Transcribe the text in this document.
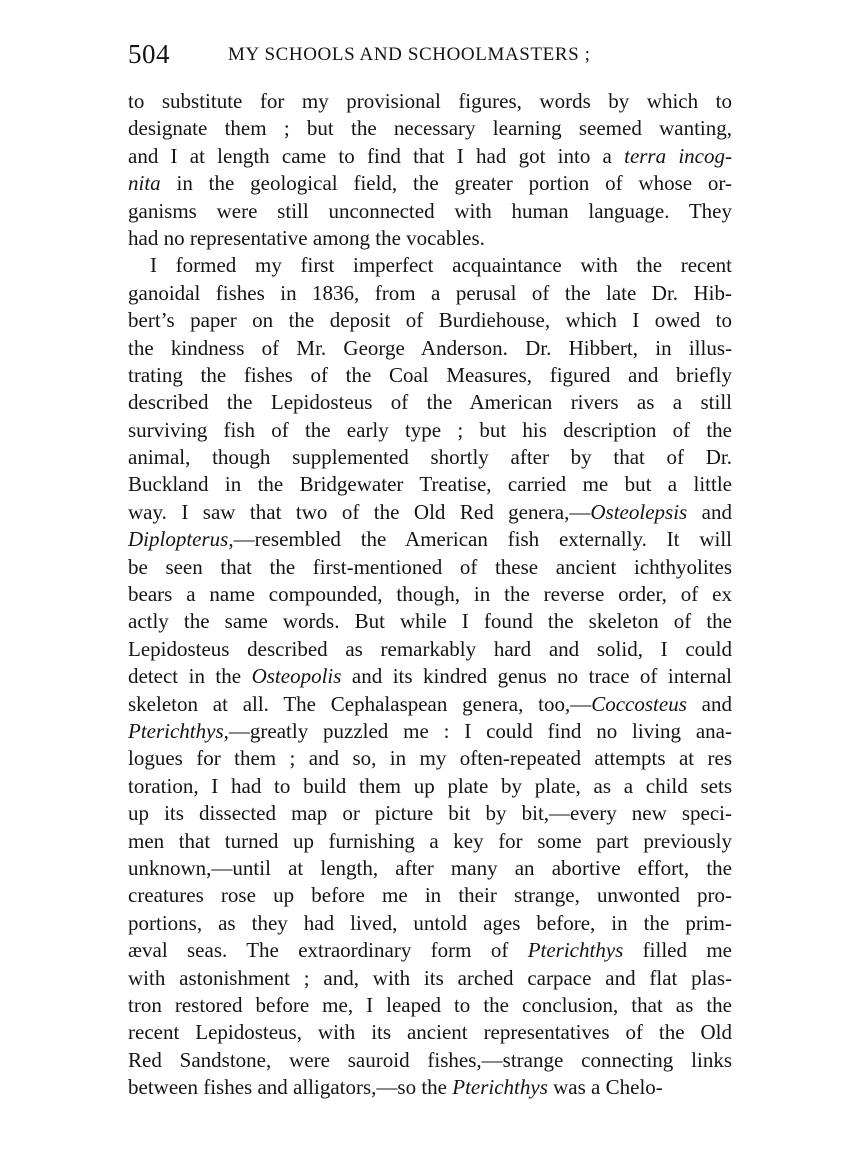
504	MY SCHOOLS AND SCHOOLMASTERS ;
to substitute for my provisional figures, words by which to
designate them ; but the necessary learning seemed wanting,
and I at length came to find that I had got into a terra incog-
nita in the geological field, the greater portion of whose or-
ganisms were still unconnected with human language. They
had no representative among the vocables.
I formed my first imperfect acquaintance with the recent
ganoidal fishes in 1836, from a perusal of the late Dr. Hib-
bert’s paper on the deposit of Burdiehouse, which I owed to
the kindness of Mr. George Anderson. Dr. Hibbert, in illus-
trating the fishes of the Coal Measures, figured and briefly
described the Lepidosteus of the American rivers as a still
surviving fish of the early type ; but his description of the
animal, though supplemented shortly after by that of Dr.
Buckland in the Bridgewater Treatise, carried me but a little
way. I saw that two of the Old Red genera,—Osteolepsis and
Diplopterus,—resembled the American fish externally. It will
be seen that the first-mentioned of these ancient ichthyolites
bears a name compounded, though, in the reverse order, of ex
actly the same words. But while I found the skeleton of the
Lepidosteus described as remarkably hard and solid, I could
detect in the Osteopolis and its kindred genus no trace of internal
skeleton at all. The Cephalaspean genera, too,—Coccosteus and
Pterichthys,—greatly puzzled me : I could find no living ana-
logues for them ; and so, in my often-repeated attempts at res
toration, I had to build them up plate by plate, as a child sets
up its dissected map or picture bit by bit,—every new speci-
men that turned up furnishing a key for some part previously
unknown,—until at length, after many an abortive effort, the
creatures rose up before me in their strange, unwonted pro-
portions, as they had lived, untold ages before, in the prim-
æval seas. The extraordinary form of Pterichthys filled me
with astonishment ; and, with its arched carpace and flat plas-
tron restored before me, I leaped to the conclusion, that as the
recent Lepidosteus, with its ancient representatives of the Old
Red Sandstone, were sauroid fishes,—strange connecting links
between fishes and alligators,—so the Pterichthys was a Chelo-
